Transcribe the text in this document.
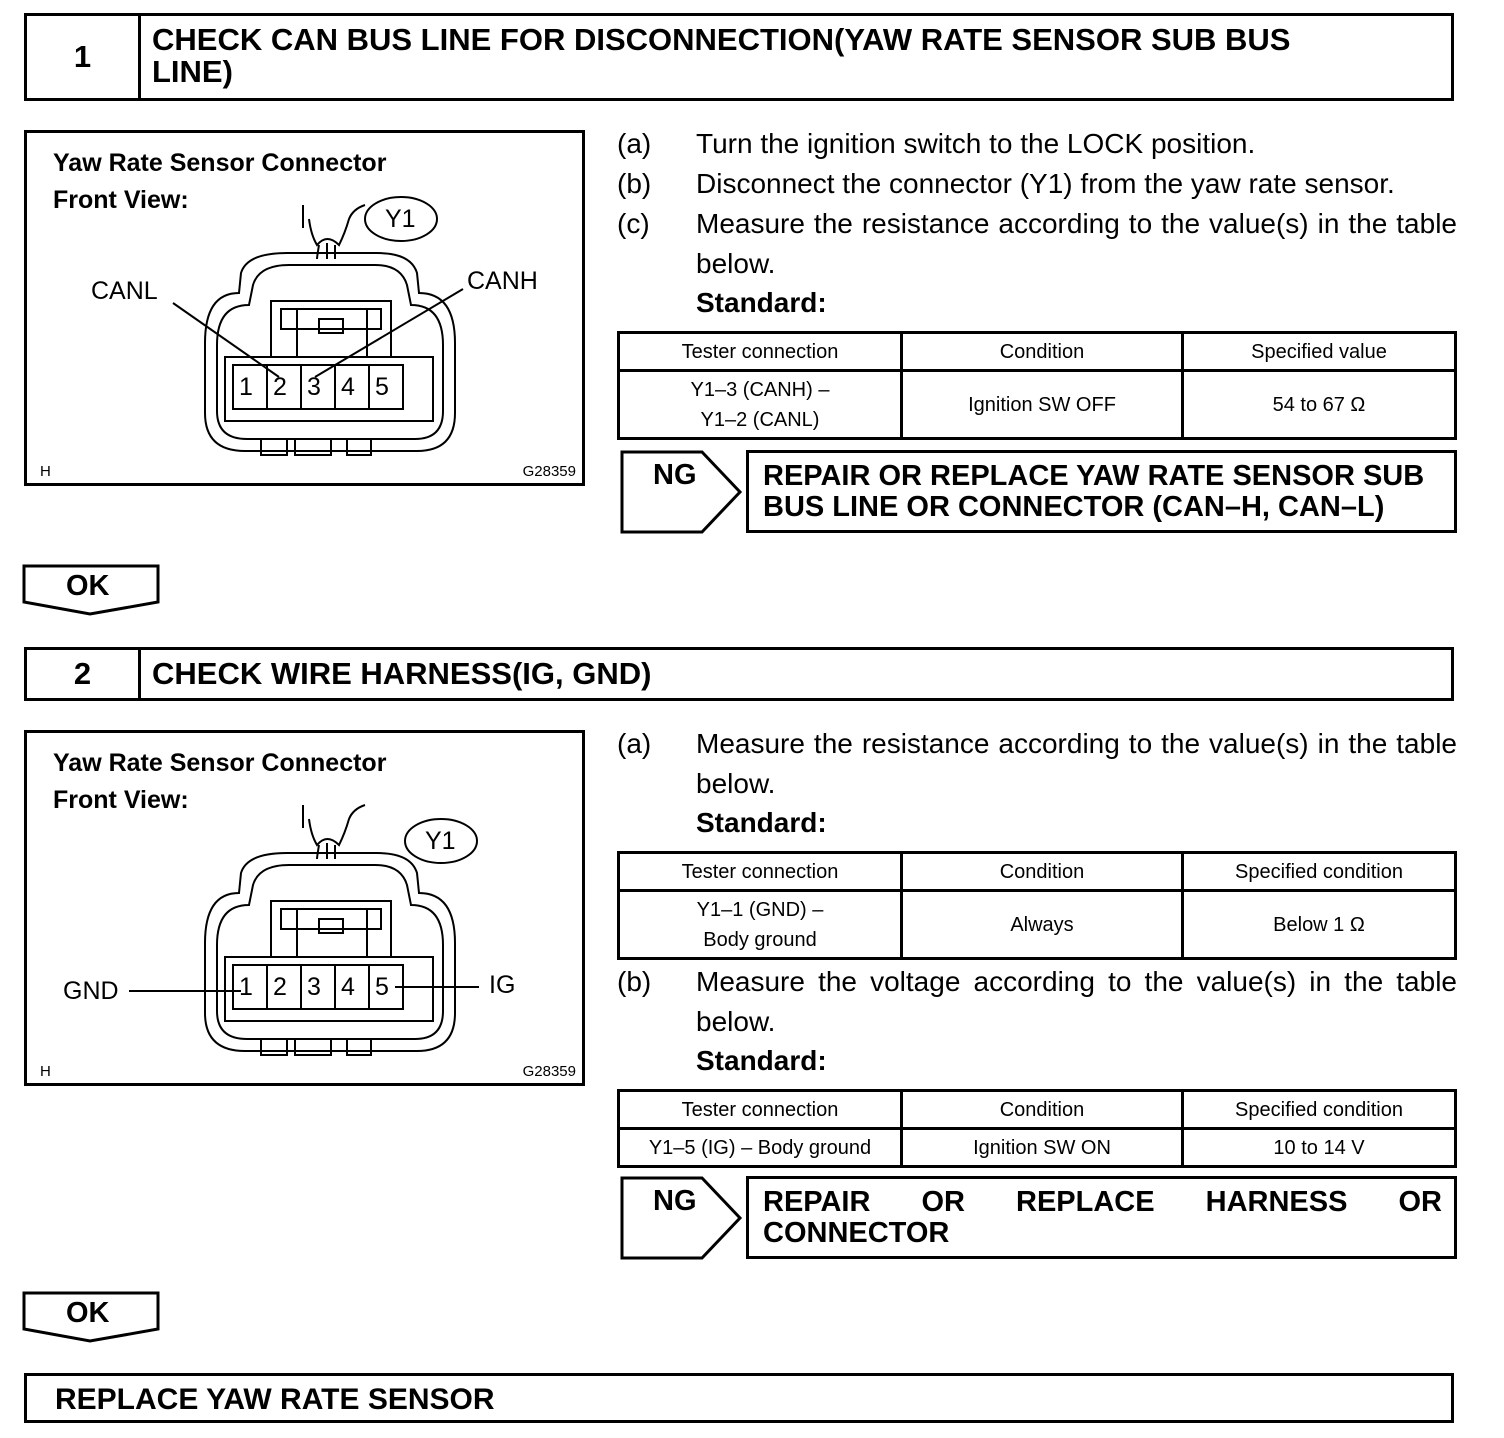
1	CHECK CAN BUS LINE FOR DISCONNECTION(YAW RATE SENSOR SUB BUS
LINE)
Yaw Rate Sensor Connector
Front View:
Y1
CANL	CANH
1 2 3 4 5
H	G28359
(a) Turn the ignition switch to the LOCK position.
(b) Disconnect the connector (Y1) from the yaw rate sensor.
(c) Measure the resistance according to the value(s) in the table below.
Standard:
Tester connection	Condition	Specified value

Y1–3 (CANH) –
Y1–2 (CANL)	Ignition SW OFF	54 to 67 Ω
NG REPAIR OR REPLACE YAW RATE SENSOR SUB
BUS LINE OR CONNECTOR (CAN–H, CAN–L)
OK
2	CHECK WIRE HARNESS(IG, GND)
Yaw Rate Sensor Connector
Front View:
Y1
GND	IG
1 2 3 4 5
H	G28359
(a) Measure the resistance according to the value(s) in the table below.
Standard:
Tester connection	Condition	Specified condition

Y1–1 (GND) –
Body ground	Always	Below 1 Ω
(b) Measure the voltage according to the value(s) in the table below.
Standard:
Tester connection	Condition	Specified condition
Y1–5 (IG) – Body ground	Ignition SW ON	10 to 14 V
NG REPAIR OR REPLACE HARNESS OR CONNECTOR
OK
REPLACE YAW RATE SENSOR
